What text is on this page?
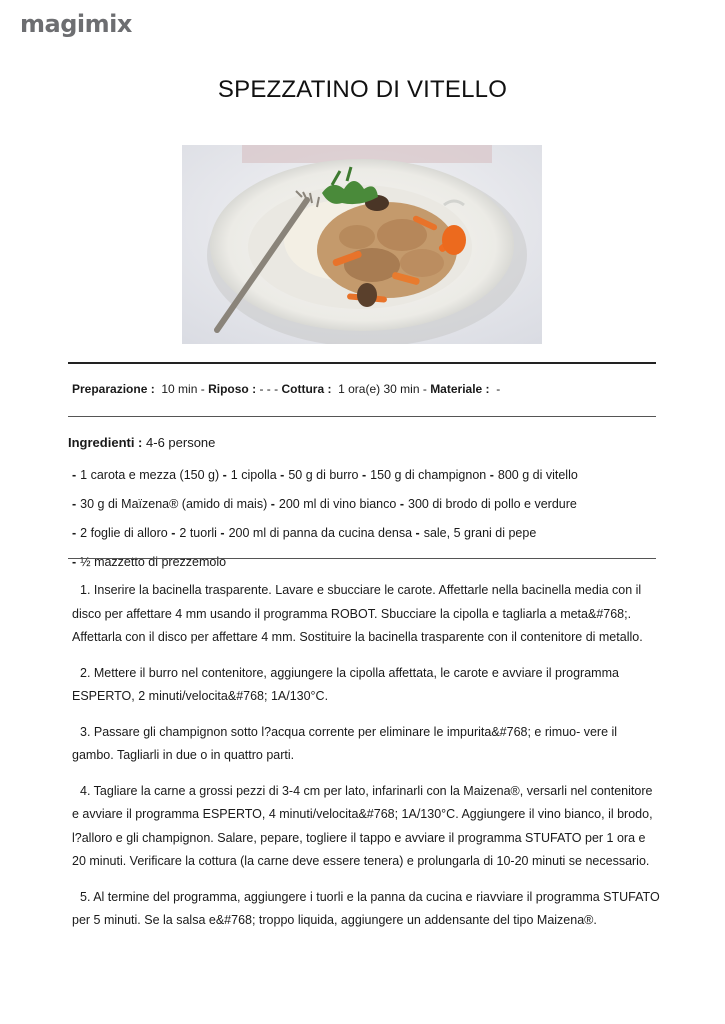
magimix
SPEZZATINO DI VITELLO
Preparazione : 10 min - Riposo : - - - Cottura : 1 ora(e) 30 min - Materiale : -
Ingredienti : 4-6 persone
- 1 carota e mezza (150 g) - 1 cipolla - 50 g di burro - 150 g di champignon - 800 g di vitello - 30 g di Maïzena® (amido di mais) - 200 ml di vino bianco - 300 di brodo di pollo e verdure - 2 foglie di alloro - 2 tuorli - 200 ml di panna da cucina densa - sale, 5 grani di pepe - ½ mazzetto di prezzemolo

1. Inserire la bacinella trasparente. Lavare e sbucciare le carote. Affettarle nella bacinella media con il disco per affettare 4 mm usando il programma ROBOT. Sbucciare la cipolla e tagliarla a meta&#768;. Affettarla con il disco per affettare 4 mm. Sostituire la bacinella trasparente con il contenitore di metallo.

2. Mettere il burro nel contenitore, aggiungere la cipolla affettata, le carote e avviare il programma ESPERTO, 2 minuti/velocita&#768; 1A/130°C.

3. Passare gli champignon sotto l?acqua corrente per eliminare le impurita&#768; e rimuo- vere il gambo. Tagliarli in due o in quattro parti.

4. Tagliare la carne a grossi pezzi di 3-4 cm per lato, infarinarli con la Maizena®, versarli nel contenitore e avviare il programma ESPERTO, 4 minuti/velocita&#768; 1A/130°C. Aggiungere il vino bianco, il brodo, l?alloro e gli champignon. Salare, pepare, togliere il tappo e avviare il programma STUFATO per 1 ora e 20 minuti. Verificare la cottura (la carne deve essere tenera) e prolungarla di 10-20 minuti se necessario.

5. Al termine del programma, aggiungere i tuorli e la panna da cucina e riavviare il programma STUFATO per 5 minuti. Se la salsa e&#768; troppo liquida, aggiungere un addensante del tipo Maizena®.
